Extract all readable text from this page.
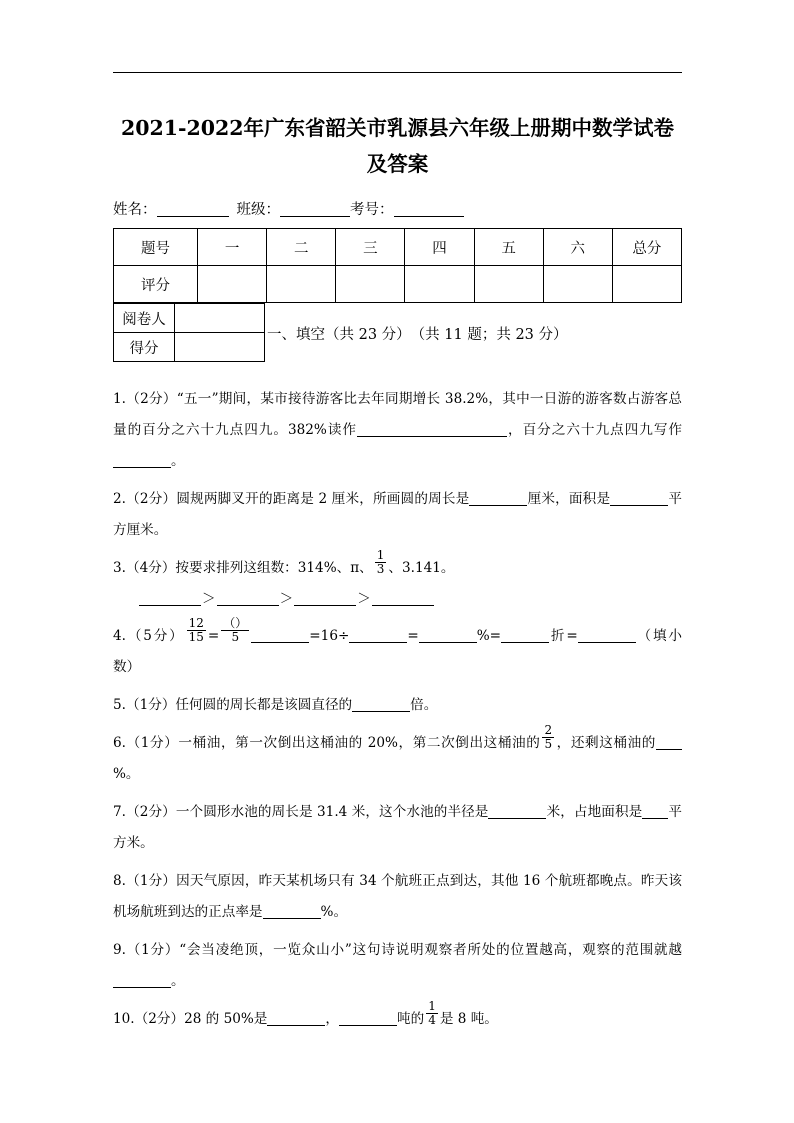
2021-2022年广东省韶关市乳源县六年级上册期中数学试卷
及答案
姓名：	班级：	考号：
题号	一	二	三	四	五	六	总分
评分							
阅卷人	
得分	
一、填空（共 23 分）　（共 11 题；共 23 分）

1.（2分）“五一”期间，某市接待游客比去年同期增长 38.2%，其中一日游的游客数占游客总量的百分之六十九点四九。382%读作	，百分之六十九点四九写作。

2.（2分）圆规两脚叉开的距离是 2 厘米，所画圆的周长是	厘米，面积是	平方厘米。

3.（4分）按要求排列这组数：314%、π、 $\frac{1}{3}$ 、3.141。

＞	＞	＞

4.（5分） $\frac{12}{15} = \frac{()}{5}$	=16÷	=	%=	折=	（填小数）

5.（1分）任何圆的周长都是该圆直径的	倍。

6.（1分）一桶油，第一次倒出这桶油的 20%，第二次倒出这桶油的 $\frac{2}{5}$ ，还剩这桶油的%。

7.（2分）一个圆形水池的周长是 31.4 米，这个水池的半径是	米，占地面积是 平方米。

8.（1分）因天气原因，昨天某机场只有 34 个航班正点到达，其他 16 个航班都晚点。昨天该机场航班到达的正点率是	%。

9.（1分）“会当凌绝顶，一览众山小”这句诗说明观察者所处的位置越高，观察的范围就越。

10.（2分）28 的 50%是	，	吨的 $\frac{1}{4}$ 是 8 吨。
